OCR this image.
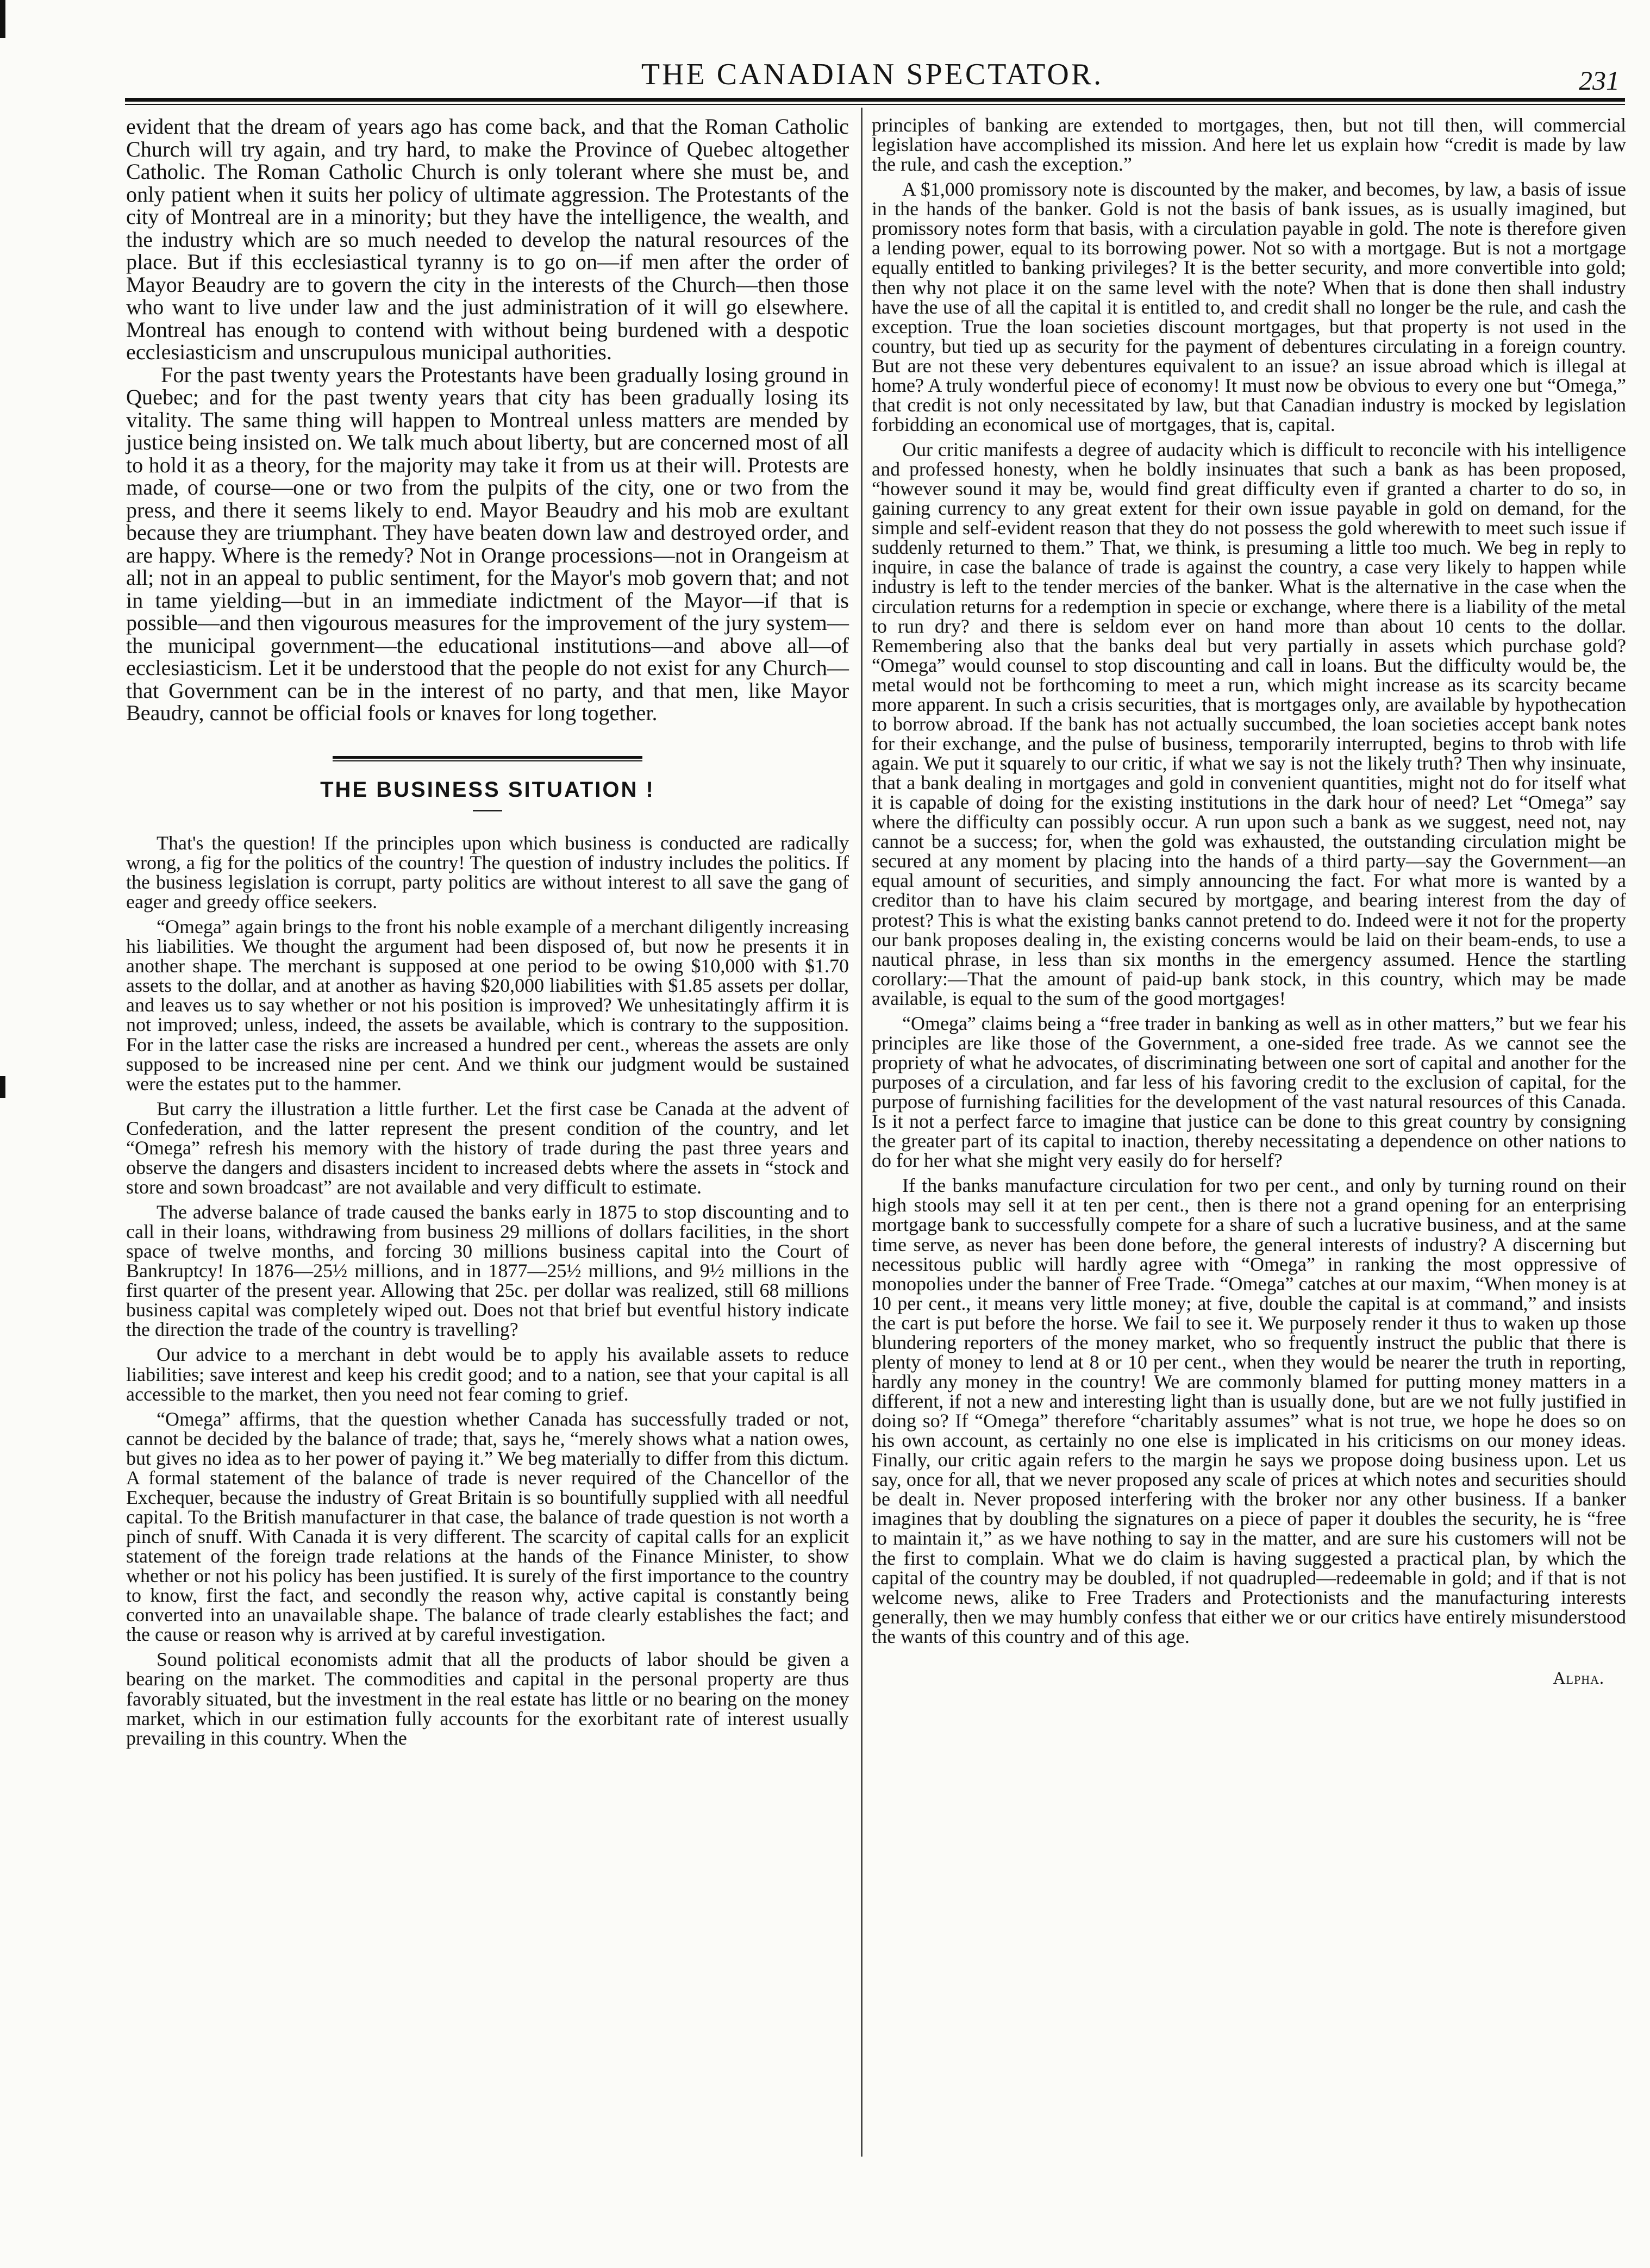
THE CANADIAN SPECTATOR.	231

evident that the dream of years ago has come back, and that the Roman Catholic Church will try again, and try hard, to make the Province of Quebec altogether Catholic. The Roman Catholic Church is only tolerant where she must be, and only patient when it suits her policy of ultimate aggression. The Protestants of the city of Montreal are in a minority; but they have the intelligence, the wealth, and the industry which are so much needed to develop the natural resources of the place. But if this ecclesiastical tyranny is to go on—if men after the order of Mayor Beaudry are to govern the city in the interests of the Church—then those who want to live under law and the just administration of it will go elsewhere. Montreal has enough to contend with without being burdened with a despotic ecclesiasticism and unscrupulous municipal authorities.

For the past twenty years the Protestants have been gradually losing ground in Quebec; and for the past twenty years that city has been gradually losing its vitality. The same thing will happen to Montreal unless matters are mended by justice being insisted on. We talk much about liberty, but are concerned most of all to hold it as a theory, for the majority may take it from us at their will. Protests are made, of course—one or two from the pulpits of the city, one or two from the press, and there it seems likely to end. Mayor Beaudry and his mob are exultant because they are triumphant. They have beaten down law and destroyed order, and are happy. Where is the remedy? Not in Orange processions—not in Orangeism at all; not in an appeal to public sentiment, for the Mayor's mob govern that; and not in tame yielding—but in an immediate indictment of the Mayor—if that is possible—and then vigourous measures for the improvement of the jury system—the municipal government—the educational institutions—and above all—of ecclesiasticism. Let it be understood that the people do not exist for any Church—that Government can be in the interest of no party, and that men, like Mayor Beaudry, cannot be official fools or knaves for long together.

THE BUSINESS SITUATION !

That's the question! If the principles upon which business is conducted are radically wrong, a fig for the politics of the country! The question of industry includes the politics. If the business legislation is corrupt, party politics are without interest to all save the gang of eager and greedy office seekers.

“Omega” again brings to the front his noble example of a merchant diligently increasing his liabilities. We thought the argument had been disposed of, but now he presents it in another shape. The merchant is supposed at one period to be owing $10,000 with $1.70 assets to the dollar, and at another as having $20,000 liabilities with $1.85 assets per dollar, and leaves us to say whether or not his position is improved? We unhesitatingly affirm it is not improved; unless, indeed, the assets be available, which is contrary to the supposition. For in the latter case the risks are increased a hundred per cent., whereas the assets are only supposed to be increased nine per cent. And we think our judgment would be sustained were the estates put to the hammer.

But carry the illustration a little further. Let the first case be Canada at the advent of Confederation, and the latter represent the present condition of the country, and let “Omega” refresh his memory with the history of trade during the past three years and observe the dangers and disasters incident to increased debts where the assets in “stock and store and sown broadcast” are not available and very difficult to estimate.

The adverse balance of trade caused the banks early in 1875 to stop discounting and to call in their loans, withdrawing from business 29 millions of dollars facilities, in the short space of twelve months, and forcing 30 millions business capital into the Court of Bankruptcy! In 1876—25½ millions, and in 1877—25½ millions, and 9½ millions in the first quarter of the present year. Allowing that 25c. per dollar was realized, still 68 millions business capital was completely wiped out. Does not that brief but eventful history indicate the direction the trade of the country is travelling?

Our advice to a merchant in debt would be to apply his available assets to reduce liabilities; save interest and keep his credit good; and to a nation, see that your capital is all accessible to the market, then you need not fear coming to grief.

“Omega” affirms, that the question whether Canada has successfully traded or not, cannot be decided by the balance of trade; that, says he, “merely shows what a nation owes, but gives no idea as to her power of paying it.” We beg materially to differ from this dictum. A formal statement of the balance of trade is never required of the Chancellor of the Exchequer, because the industry of Great Britain is so bountifully supplied with all needful capital. To the British manufacturer in that case, the balance of trade question is not worth a pinch of snuff. With Canada it is very different. The scarcity of capital calls for an explicit statement of the foreign trade relations at the hands of the Finance Minister, to show whether or not his policy has been justified. It is surely of the first importance to the country to know, first the fact, and secondly the reason why, active capital is constantly being converted into an unavailable shape. The balance of trade clearly establishes the fact; and the cause or reason why is arrived at by careful investigation.

Sound political economists admit that all the products of labor should be given a bearing on the market. The commodities and capital in the personal property are thus favorably situated, but the investment in the real estate has little or no bearing on the money market, which in our estimation fully accounts for the exorbitant rate of interest usually prevailing in this country. When the

principles of banking are extended to mortgages, then, but not till then, will commercial legislation have accomplished its mission. And here let us explain how “credit is made by law the rule, and cash the exception.”

A $1,000 promissory note is discounted by the maker, and becomes, by law, a basis of issue in the hands of the banker. Gold is not the basis of bank issues, as is usually imagined, but promissory notes form that basis, with a circulation payable in gold. The note is therefore given a lending power, equal to its borrowing power. Not so with a mortgage. But is not a mortgage equally entitled to banking privileges? It is the better security, and more convertible into gold; then why not place it on the same level with the note? When that is done then shall industry have the use of all the capital it is entitled to, and credit shall no longer be the rule, and cash the exception. True the loan societies discount mortgages, but that property is not used in the country, but tied up as security for the payment of debentures circulating in a foreign country. But are not these very debentures equivalent to an issue? an issue abroad which is illegal at home? A truly wonderful piece of economy! It must now be obvious to every one but “Omega,” that credit is not only necessitated by law, but that Canadian industry is mocked by legislation forbidding an economical use of mortgages, that is, capital.

Our critic manifests a degree of audacity which is difficult to reconcile with his intelligence and professed honesty, when he boldly insinuates that such a bank as has been proposed, “however sound it may be, would find great difficulty even if granted a charter to do so, in gaining currency to any great extent for their own issue payable in gold on demand, for the simple and self-evident reason that they do not possess the gold wherewith to meet such issue if suddenly returned to them.” That, we think, is presuming a little too much. We beg in reply to inquire, in case the balance of trade is against the country, a case very likely to happen while industry is left to the tender mercies of the banker. What is the alternative in the case when the circulation returns for a redemption in specie or exchange, where there is a liability of the metal to run dry? and there is seldom ever on hand more than about 10 cents to the dollar. Remembering also that the banks deal but very partially in assets which purchase gold? “Omega” would counsel to stop discounting and call in loans. But the difficulty would be, the metal would not be forthcoming to meet a run, which might increase as its scarcity became more apparent. In such a crisis securities, that is mortgages only, are available by hypothecation to borrow abroad. If the bank has not actually succumbed, the loan societies accept bank notes for their exchange, and the pulse of business, temporarily interrupted, begins to throb with life again. We put it squarely to our critic, if what we say is not the likely truth? Then why insinuate, that a bank dealing in mortgages and gold in convenient quantities, might not do for itself what it is capable of doing for the existing institutions in the dark hour of need? Let “Omega” say where the difficulty can possibly occur. A run upon such a bank as we suggest, need not, nay cannot be a success; for, when the gold was exhausted, the outstanding circulation might be secured at any moment by placing into the hands of a third party—say the Government—an equal amount of securities, and simply announcing the fact. For what more is wanted by a creditor than to have his claim secured by mortgage, and bearing interest from the day of protest? This is what the existing banks cannot pretend to do. Indeed were it not for the property our bank proposes dealing in, the existing concerns would be laid on their beam-ends, to use a nautical phrase, in less than six months in the emergency assumed. Hence the startling corollary:—That the amount of paid-up bank stock, in this country, which may be made available, is equal to the sum of the good mortgages!

“Omega” claims being a “free trader in banking as well as in other matters,” but we fear his principles are like those of the Government, a one-sided free trade. As we cannot see the propriety of what he advocates, of discriminating between one sort of capital and another for the purposes of a circulation, and far less of his favoring credit to the exclusion of capital, for the purpose of furnishing facilities for the development of the vast natural resources of this Canada. Is it not a perfect farce to imagine that justice can be done to this great country by consigning the greater part of its capital to inaction, thereby necessitating a dependence on other nations to do for her what she might very easily do for herself?

If the banks manufacture circulation for two per cent., and only by turning round on their high stools may sell it at ten per cent., then is there not a grand opening for an enterprising mortgage bank to successfully compete for a share of such a lucrative business, and at the same time serve, as never has been done before, the general interests of industry? A discerning but necessitous public will hardly agree with “Omega” in ranking the most oppressive of monopolies under the banner of Free Trade. “Omega” catches at our maxim, “When money is at 10 per cent., it means very little money; at five, double the capital is at command,” and insists the cart is put before the horse. We fail to see it. We purposely render it thus to waken up those blundering reporters of the money market, who so frequently instruct the public that there is plenty of money to lend at 8 or 10 per cent., when they would be nearer the truth in reporting, hardly any money in the country! We are commonly blamed for putting money matters in a different, if not a new and interesting light than is usually done, but are we not fully justified in doing so? If “Omega” therefore “charitably assumes” what is not true, we hope he does so on his own account, as certainly no one else is implicated in his criticisms on our money ideas. Finally, our critic again refers to the margin he says we propose doing business upon. Let us say, once for all, that we never proposed any scale of prices at which notes and securities should be dealt in. Never proposed interfering with the broker nor any other business. If a banker imagines that by doubling the signatures on a piece of paper it doubles the security, he is “free to maintain it,” as we have nothing to say in the matter, and are sure his customers will not be the first to complain. What we do claim is having suggested a practical plan, by which the capital of the country may be doubled, if not quadrupled—redeemable in gold; and if that is not welcome news, alike to Free Traders and Protectionists and the manufacturing interests generally, then we may humbly confess that either we or our critics have entirely misunderstood the wants of this country and of this age.

Alpha.
